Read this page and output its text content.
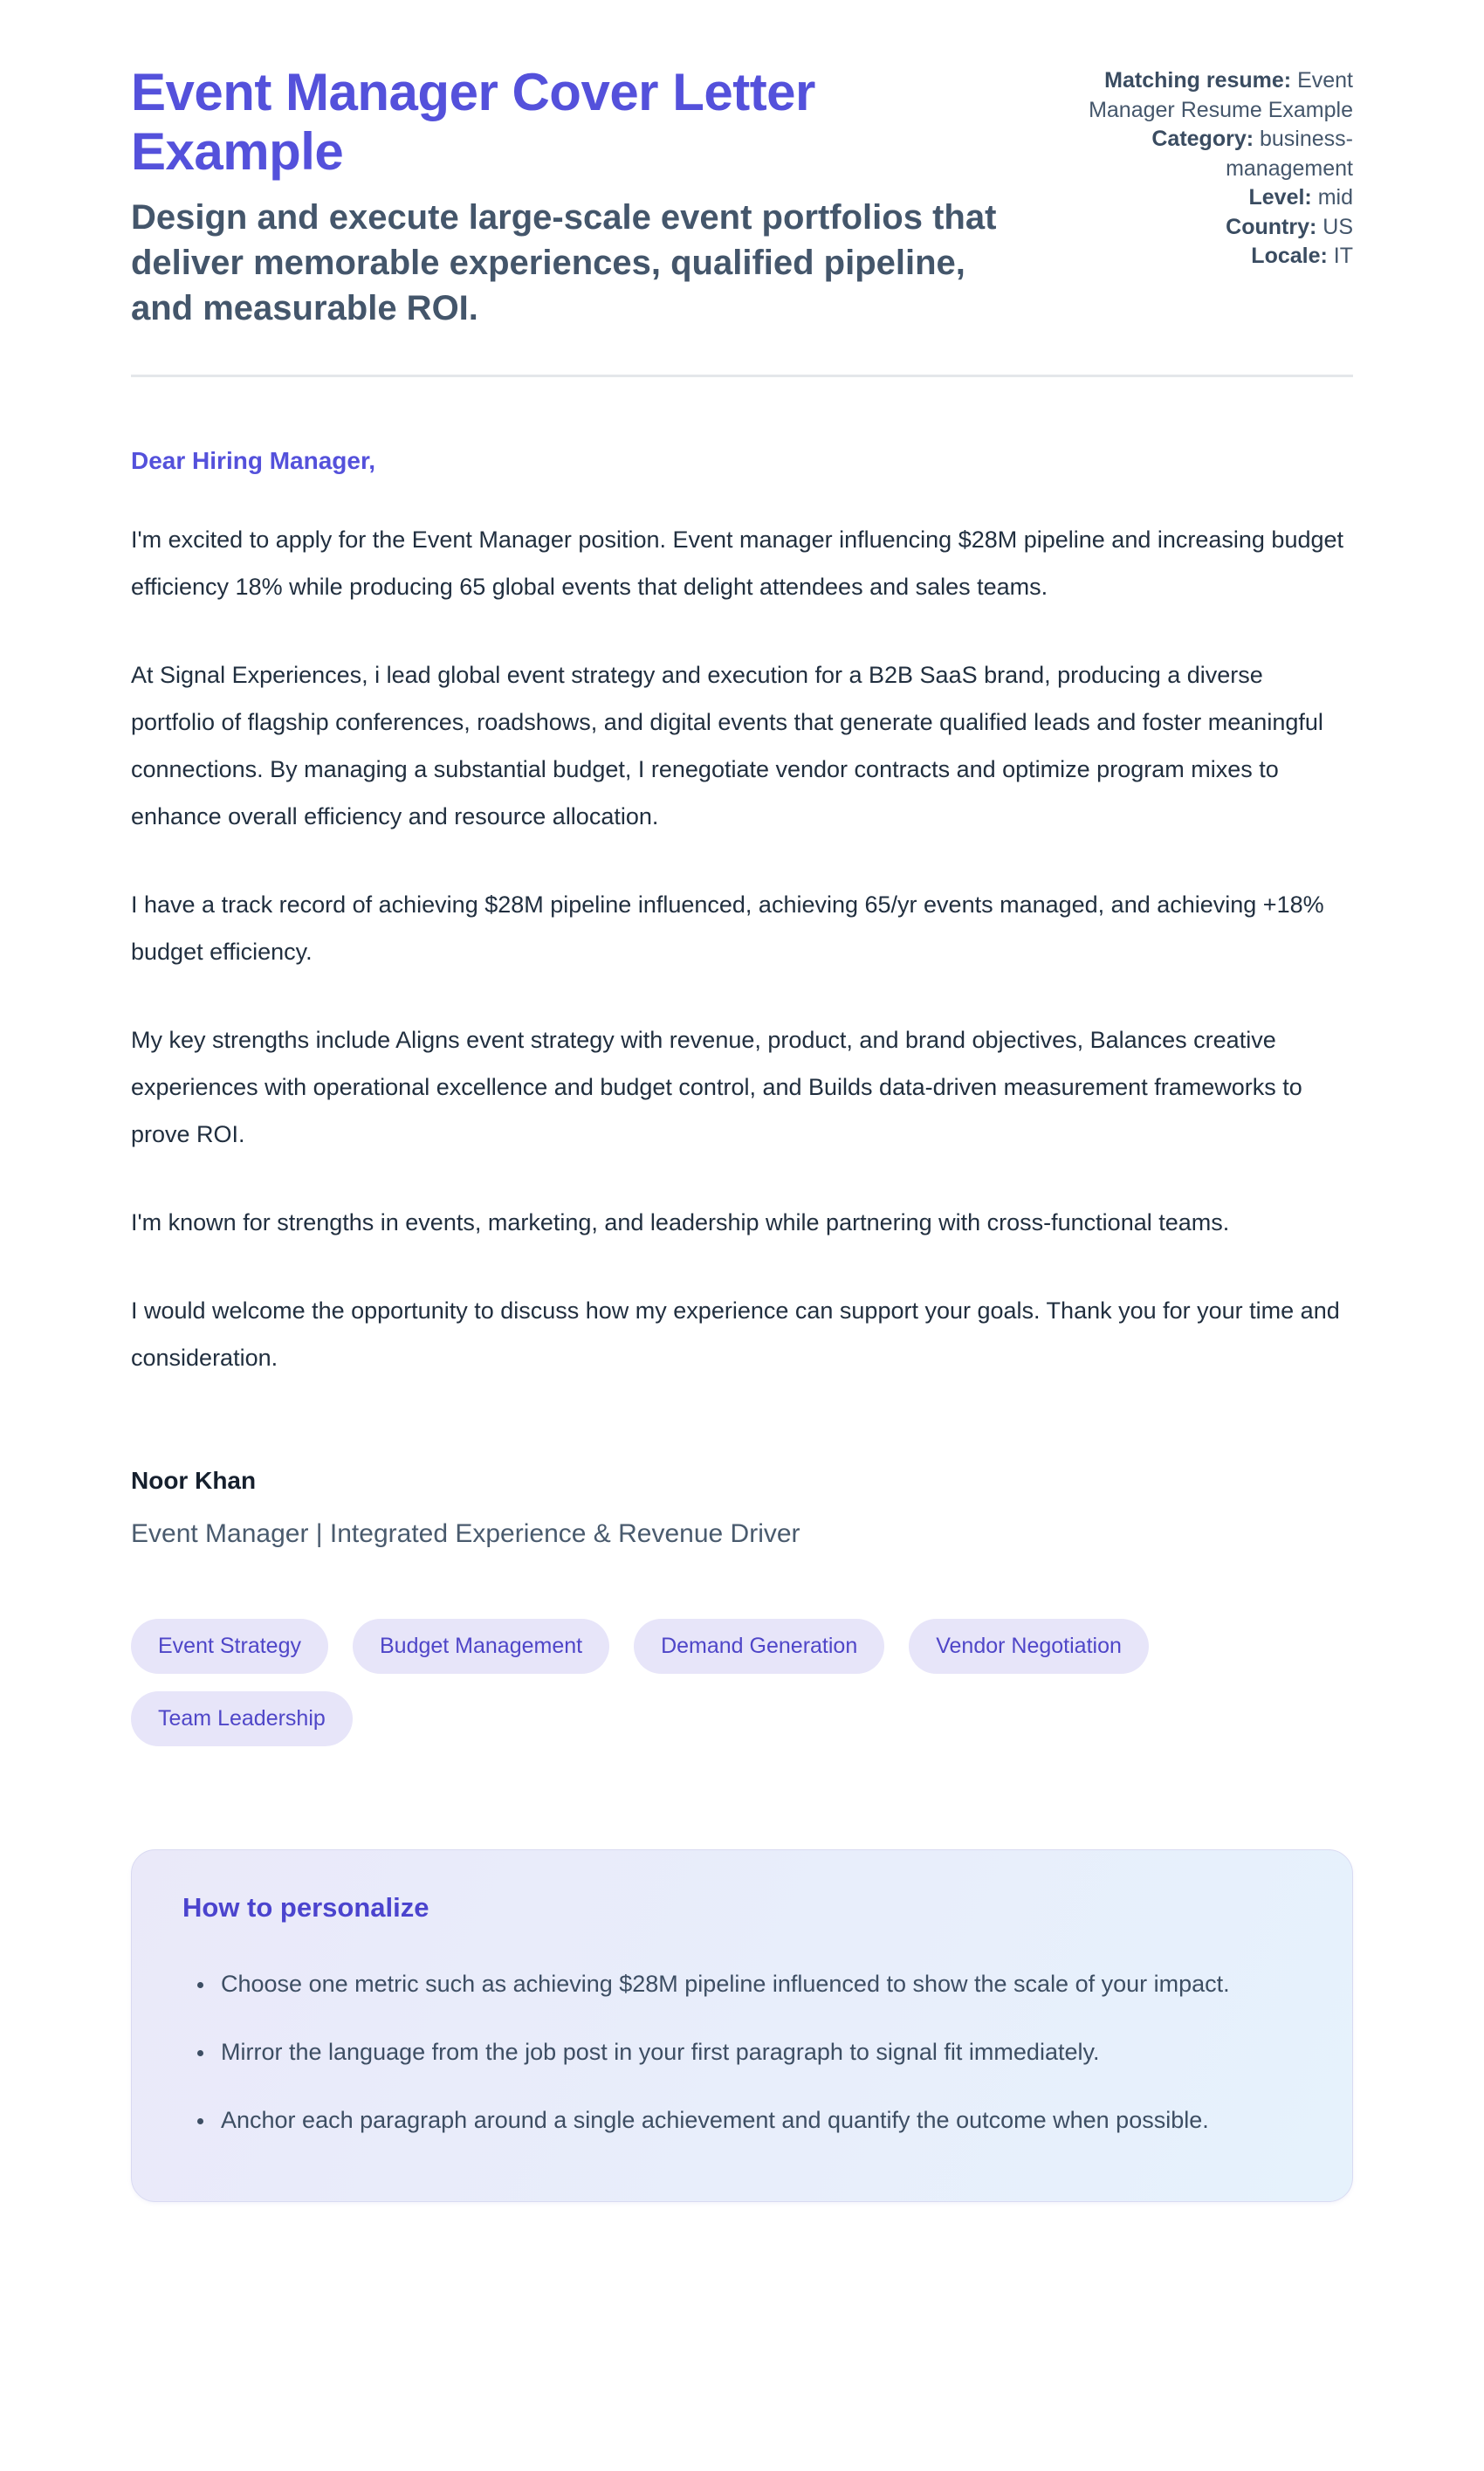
Event Manager Cover Letter Example

Design and execute large-scale event portfolios that deliver memorable experiences, qualified pipeline, and measurable ROI.

Matching resume: Event Manager Resume Example
Category: business-management
Level: mid
Country: US
Locale: IT

Dear Hiring Manager,

I'm excited to apply for the Event Manager position. Event manager influencing $28M pipeline and increasing budget efficiency 18% while producing 65 global events that delight attendees and sales teams.

At Signal Experiences, i lead global event strategy and execution for a B2B SaaS brand, producing a diverse portfolio of flagship conferences, roadshows, and digital events that generate qualified leads and foster meaningful connections. By managing a substantial budget, I renegotiate vendor contracts and optimize program mixes to enhance overall efficiency and resource allocation.

I have a track record of achieving $28M pipeline influenced, achieving 65/yr events managed, and achieving +18% budget efficiency.

My key strengths include Aligns event strategy with revenue, product, and brand objectives, Balances creative experiences with operational excellence and budget control, and Builds data-driven measurement frameworks to prove ROI.

I'm known for strengths in events, marketing, and leadership while partnering with cross-functional teams.

I would welcome the opportunity to discuss how my experience can support your goals. Thank you for your time and consideration.

Noor Khan

Event Manager | Integrated Experience & Revenue Driver

Event Strategy	Budget Management	Demand Generation	Vendor Negotiation
Team Leadership
How to personalize
• Choose one metric such as achieving $28M pipeline influenced to show the scale of your impact.
• Mirror the language from the job post in your first paragraph to signal fit immediately.
• Anchor each paragraph around a single achievement and quantify the outcome when possible.
